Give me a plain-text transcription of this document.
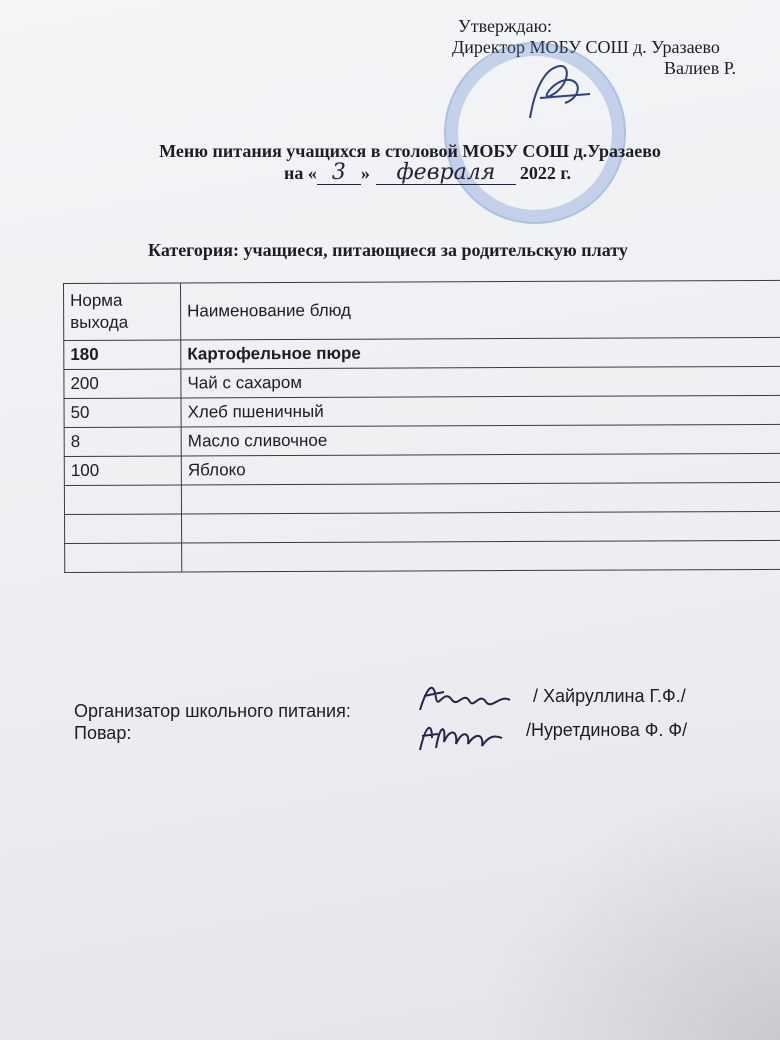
Утверждаю:
Директор МОБУ СОШ д. Уразаево
Валиев Р.
Меню питания учащихся в столовой МОБУ СОШ д.Уразаево
на « 3 » февраля 2022 г.
Категория: учащиеся, питающиеся за родительскую плату
Норма выхода	Наименование блюд
180	Картофельное пюре
200	Чай с сахаром
50	Хлеб пшеничный
8	Масло сливочное
100	Яблоко

Организатор школьного питания:
Повар:
/ Хайруллина Г.Ф./
/Нуретдинова Ф. Ф/
